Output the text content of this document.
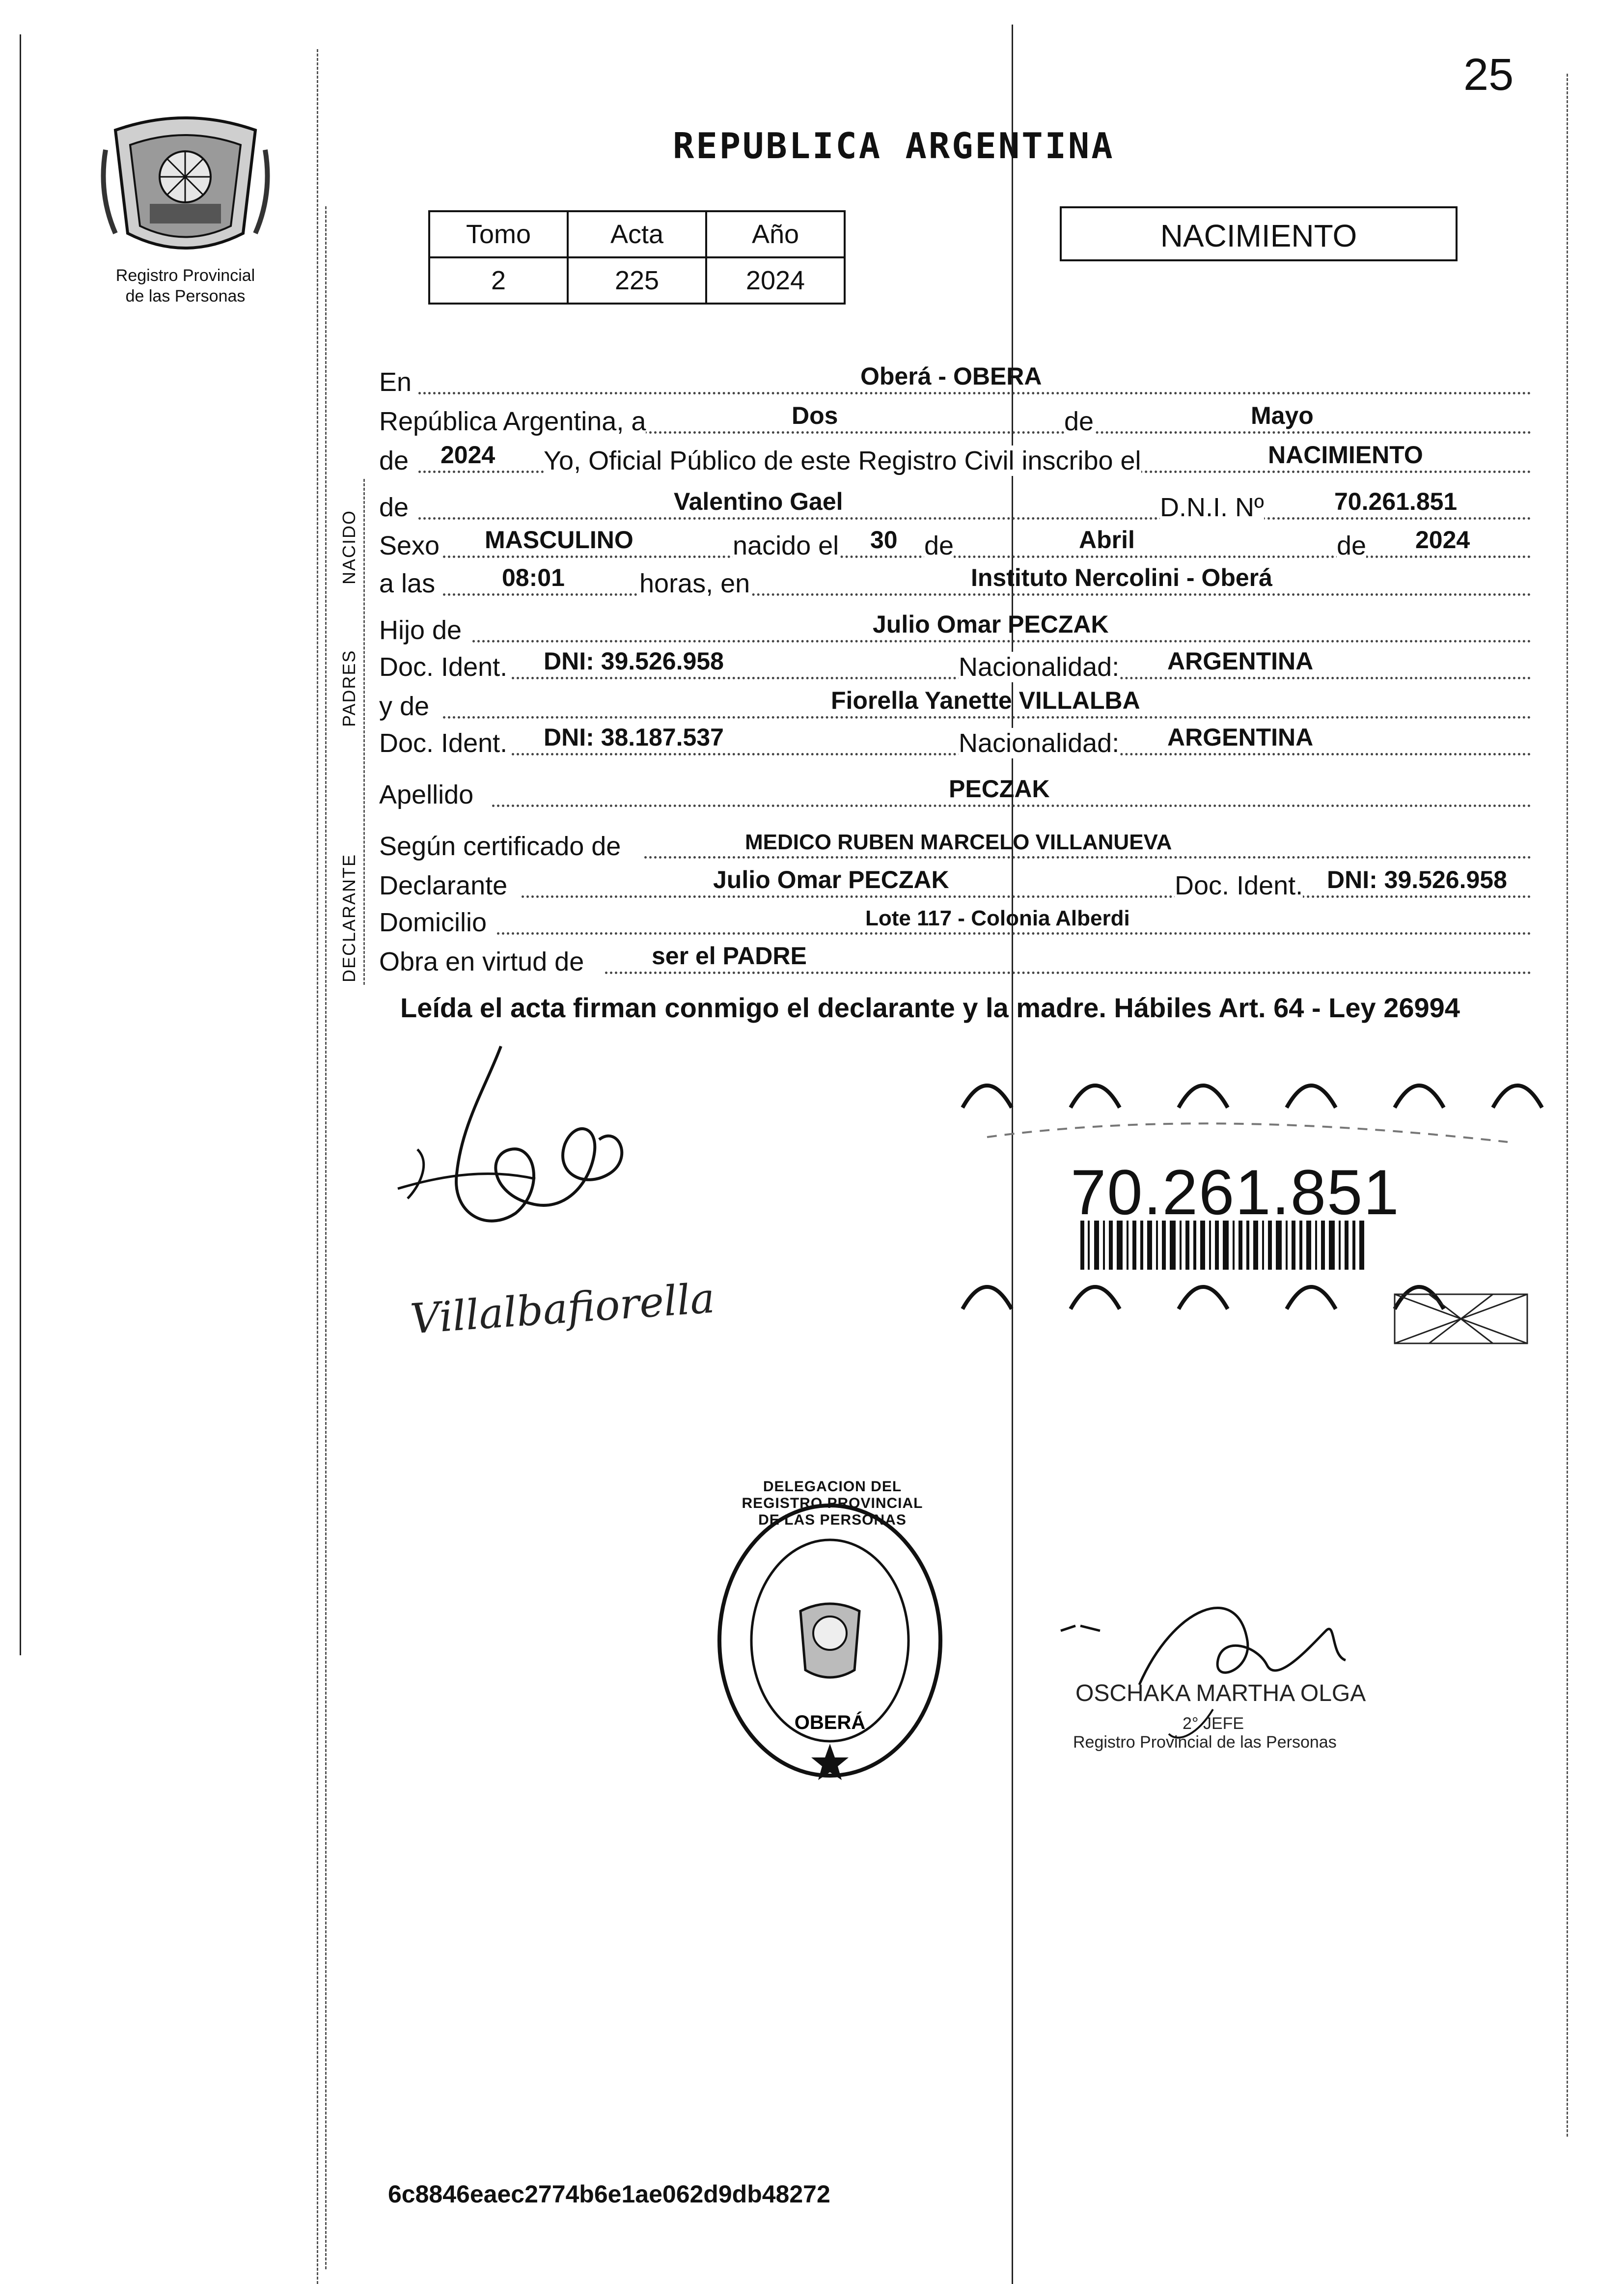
25
Registro Provincial
de las Personas
REPUBLICA ARGENTINA
Tomo	Acta	Año
2	225	2024
NACIMIENTO
NACIDO
PADRES
DECLARANTE
En	Oberá - OBERA
República Argentina, a	Dos	de	Mayo
de 2024 Yo, Oficial Público de este Registro Civil inscribo el	NACIMIENTO
de	Valentino Gael	D.N.I. Nº	70.261.851
Sexo MASCULINO	nacido el 30 de	Abril	de 2024
a las	08:01	horas, en	Instituto Nercolini - Oberá
Hijo de	Julio Omar PECZAK
Doc. Ident. DNI: 39.526.958	Nacionalidad: ARGENTINA
y de	Fiorella Yanette VILLALBA
Doc. Ident. DNI: 38.187.537	Nacionalidad: ARGENTINA
Apellido	PECZAK
Según certificado de	MEDICO RUBEN MARCELO VILLANUEVA
Declarante	Julio Omar PECZAK	Doc. Ident. DNI: 39.526.958
Domicilio	Lote 117 - Colonia Alberdi
Obra en virtud de	ser el PADRE
Leída el acta firman conmigo el declarante y la madre. Hábiles Art. 64 - Ley 26994
Villalbafiorella
70.261.851
OBERÁ
DELEGACION DEL REGISTRO PROVINCIAL DE LAS PERSONAS
OSCHAKA MARTHA OLGA
2° JEFE
Registro Provincial de las Personas
6c8846eaec2774b6e1ae062d9db48272
